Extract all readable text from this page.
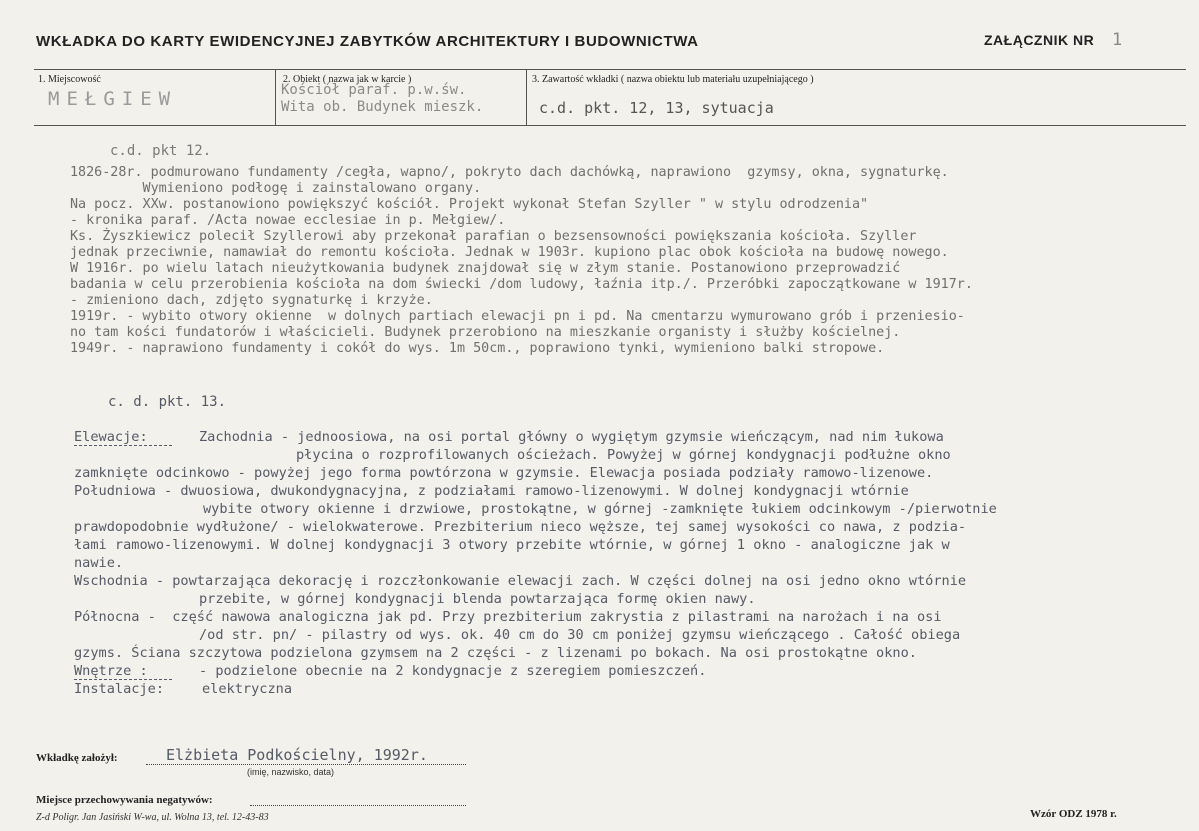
WKŁADKA DO KARTY EWIDENCYJNEJ ZABYTKÓW ARCHITEKTURY I BUDOWNICTWA	ZAŁĄCZNIK NR 1
1. Miejscowość
MEŁGIEW
2. Obiekt ( nazwa jak w karcie )
Kościół paraf. p.w.św.
Wita ob. Budynek mieszk.
3. Zawartość wkładki ( nazwa obiektu lub materiału uzupełniającego )
c.d. pkt. 12, 13, sytuacja
c.d. pkt 12.
1826-28r. podmurowano fundamenty /cegła, wapno/, pokryto dach dachówką, naprawiono  gzymsy, okna, sygnaturkę.
Wymieniono podłogę i zainstalowano organy.
Na pocz. XXw. postanowiono powiększyć kościół. Projekt wykonał Stefan Szyller " w stylu odrodzenia"
- kronika paraf. /Acta nowae ecclesiae in p. Mełgiew/.
Ks. Żyszkiewicz polecił Szyllerowi aby przekonał parafian o bezsensowności powiększania kościoła. Szyller
jednak przeciwnie, namawiał do remontu kościoła. Jednak w 1903r. kupiono plac obok kościoła na budowę nowego.
W 1916r. po wielu latach nieużytkowania budynek znajdował się w złym stanie. Postanowiono przeprowadzić
badania w celu przerobienia kościoła na dom świecki /dom ludowy, łaźnia itp./. Przeróbki zapoczątkowane w 1917r.
- zmieniono dach, zdjęto sygnaturkę i krzyże.
1919r. - wybito otwory okienne  w dolnych partiach elewacji pn i pd. Na cmentarzu wymurowano grób i przeniesio-
no tam kości fundatorów i właścicieli. Budynek przerobiono na mieszkanie organisty i służby kościelnej.
1949r. - naprawiono fundamenty i cokół do wys. 1m 50cm., poprawiono tynki, wymieniono balki stropowe.
c. d. pkt. 13.
Elewacje:	Zachodnia - jednoosiowa, na osi portal główny o wygiętym gzymsie wieńczącym, nad nim łukowa
płycina o rozprofilowanych ościeżach. Powyżej w górnej kondygnacji podłużne okno
zamknięte odcinkowo - powyżej jego forma powtórzona w gzymsie. Elewacja posiada podziały ramowo-lizenowe.
Południowa - dwuosiowa, dwukondygnacyjna, z podziałami ramowo-lizenowymi. W dolnej kondygnacji wtórnie
wybite otwory okienne i drzwiowe, prostokątne, w górnej -zamknięte łukiem odcinkowym -/pierwotnie
prawdopodobnie wydłużone/ - wielokwaterowe. Prezbiterium nieco węższe, tej samej wysokości co nawa, z podzia-
łami ramowo-lizenowymi. W dolnej kondygnacji 3 otwory przebite wtórnie, w górnej 1 okno - analogiczne jak w
nawie.
Wschodnia - powtarzająca dekorację i rozczłonkowanie elewacji zach. W części dolnej na osi jedno okno wtórnie
przebite, w górnej kondygnacji blenda powtarzająca formę okien nawy.
Północna -  część nawowa analogiczna jak pd. Przy prezbiterium zakrystia z pilastrami na narożach i na osi
/od str. pn/ - pilastry od wys. ok. 40 cm do 30 cm poniżej gzymsu wieńczącego . Całość obiega
gzyms. Ściana szczytowa podzielona gzymsem na 2 części - z lizenami po bokach. Na osi prostokątne okno.
Wnętrze :	- podzielone obecnie na 2 kondygnacje z szeregiem pomieszczeń.
Instalacje:	elektryczna
Wkładkę założył:	Elżbieta Podkościelny, 1992r.
(imię, nazwisko, data)
Miejsce przechowywania negatywów:
Z-d Poligr. Jan Jasiński W-wa, ul. Wolna 13, tel. 12-43-83	Wzór ODZ 1978 r.
